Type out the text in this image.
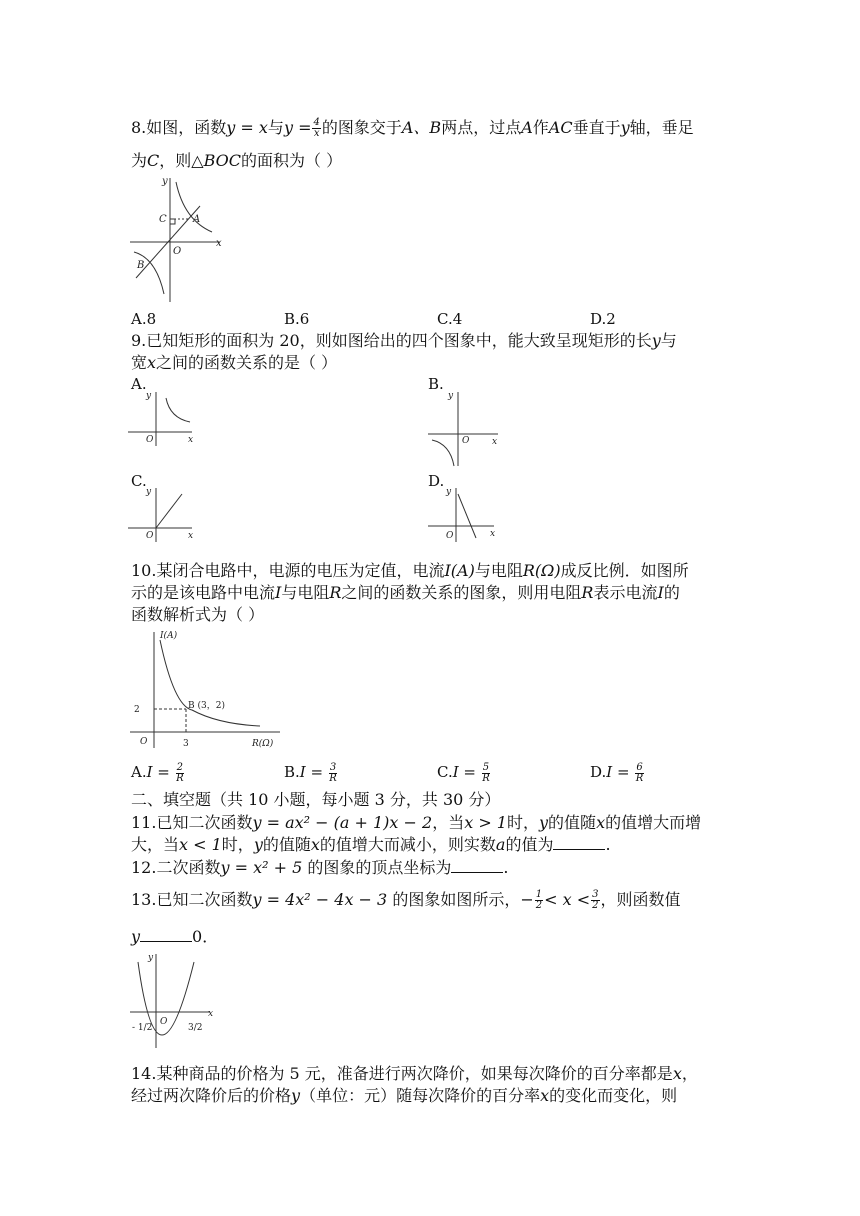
8.如图，函数y = x与$y = \frac{4}{x}$ 的图象交于A、B两点，过点A作AC垂直于y轴，垂足
为C，则△BOC的面积为（ ）
y
x
C	A
O
B
A.8	B.6	C.4	D.2
9.已知矩形的面积为 20，则如图给出的四个图象中，能大致呈现矩形的长y与
宽x之间的函数关系的是（ ）
A.
y
x
O
B.
y
x
O
C.
y
x
O
D.
y
x
O
10.某闭合电路中，电源的电压为定值，电流I(A)与电阻R(Ω)成反比例．如图所
示的是该电路中电流I与电阻R之间的函数关系的图象，则用电阻R表示电流I的
函数解析式为（ ）
I(A)
R(Ω)
B (3，2)
O
2
3
$A.I = \frac{2}{R}$	$B.I = \frac{3}{R}$	$C.I = \frac{5}{R}$	$D.I = \frac{6}{R}$
二、填空题（共 10 小题，每小题 3 分，共 30 分）
11.已知二次函数y = ax² − (a + 1)x − 2，当x > 1时，y的值随x的值增大而增
大，当x < 1时，y的值随x的值增大而减小，则实数a的值为	.
12.二次函数y = x² + 5 的图象的顶点坐标为	.
13.已知二次函数y = 4x² − 4x − 3 的图象如图所示，− $\frac{1}{2} < x < \frac{3}{2}$ ，则函数值
y	0．
y
x
O
- 1/2	3/2
14.某种商品的价格为 5 元，准备进行两次降价，如果每次降价的百分率都是x，
经过两次降价后的价格y（单位：元）随每次降价的百分率x的变化而变化，则
